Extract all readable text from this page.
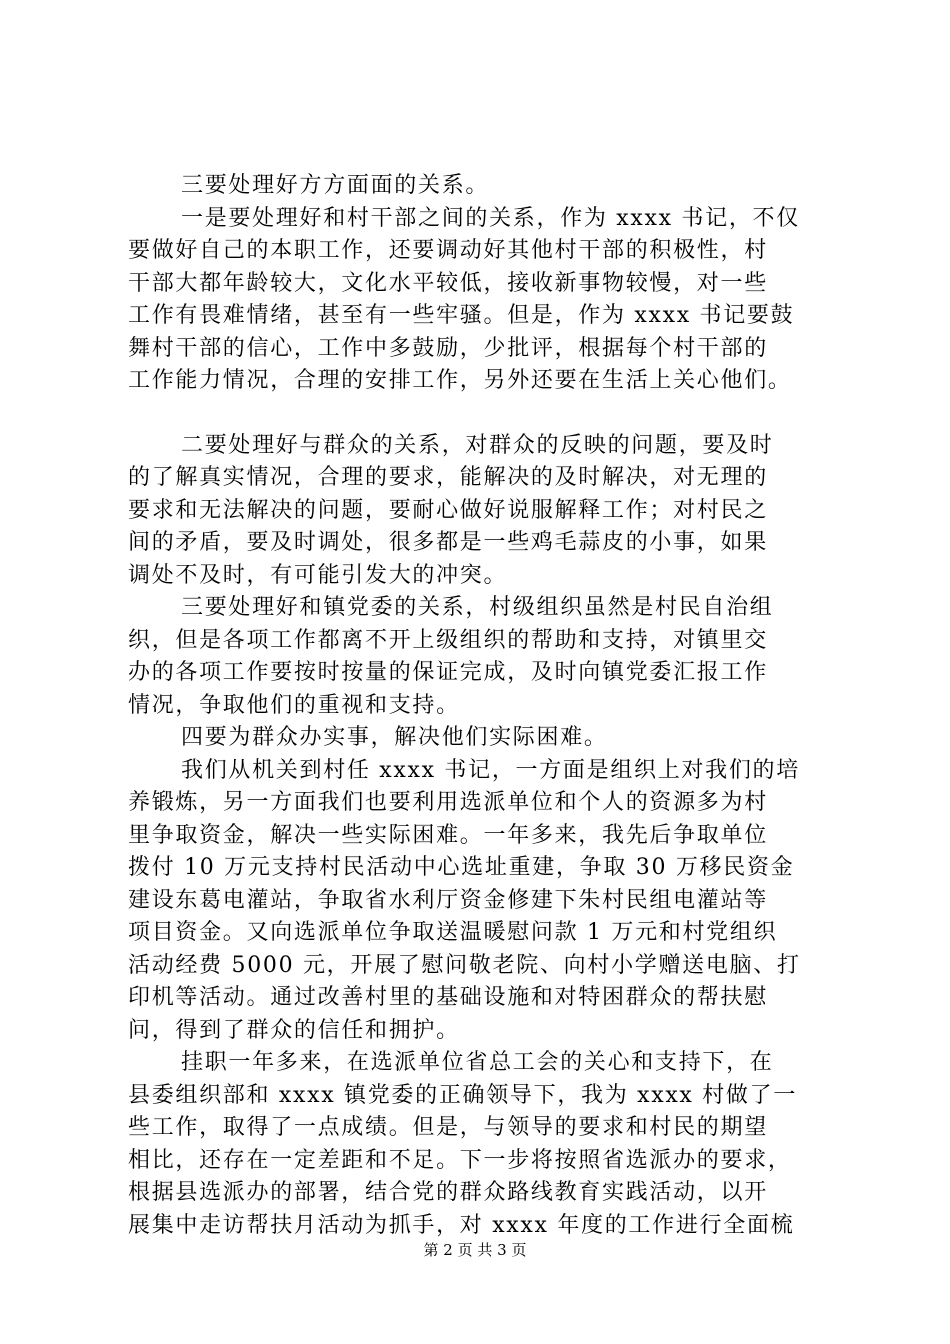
三要处理好方方面面的关系。
一是要处理好和村干部之间的关系，作为 xxxx 书记，不仅
要做好自己的本职工作，还要调动好其他村干部的积极性，村
干部大都年龄较大，文化水平较低，接收新事物较慢，对一些
工作有畏难情绪，甚至有一些牢骚。但是，作为 xxxx 书记要鼓
舞村干部的信心，工作中多鼓励，少批评，根据每个村干部的
工作能力情况，合理的安排工作，另外还要在生活上关心他们。
二要处理好与群众的关系，对群众的反映的问题，要及时
的了解真实情况，合理的要求，能解决的及时解决，对无理的
要求和无法解决的问题，要耐心做好说服解释工作；对村民之
间的矛盾，要及时调处，很多都是一些鸡毛蒜皮的小事，如果
调处不及时，有可能引发大的冲突。
三要处理好和镇党委的关系，村级组织虽然是村民自治组
织，但是各项工作都离不开上级组织的帮助和支持，对镇里交
办的各项工作要按时按量的保证完成，及时向镇党委汇报工作
情况，争取他们的重视和支持。
四要为群众办实事，解决他们实际困难。
我们从机关到村任 xxxx 书记，一方面是组织上对我们的培
养锻炼，另一方面我们也要利用选派单位和个人的资源多为村
里争取资金，解决一些实际困难。一年多来，我先后争取单位
拨付 10 万元支持村民活动中心选址重建，争取 30 万移民资金
建设东葛电灌站，争取省水利厅资金修建下朱村民组电灌站等
项目资金。又向选派单位争取送温暖慰问款 1 万元和村党组织
活动经费 5000 元，开展了慰问敬老院、向村小学赠送电脑、打
印机等活动。通过改善村里的基础设施和对特困群众的帮扶慰
问，得到了群众的信任和拥护。
挂职一年多来，在选派单位省总工会的关心和支持下，在
县委组织部和 xxxx 镇党委的正确领导下，我为 xxxx 村做了一
些工作，取得了一点成绩。但是，与领导的要求和村民的期望
相比，还存在一定差距和不足。下一步将按照省选派办的要求，
根据县选派办的部署，结合党的群众路线教育实践活动，以开
展集中走访帮扶月活动为抓手，对 xxxx 年度的工作进行全面梳
第 2 页 共 3 页
